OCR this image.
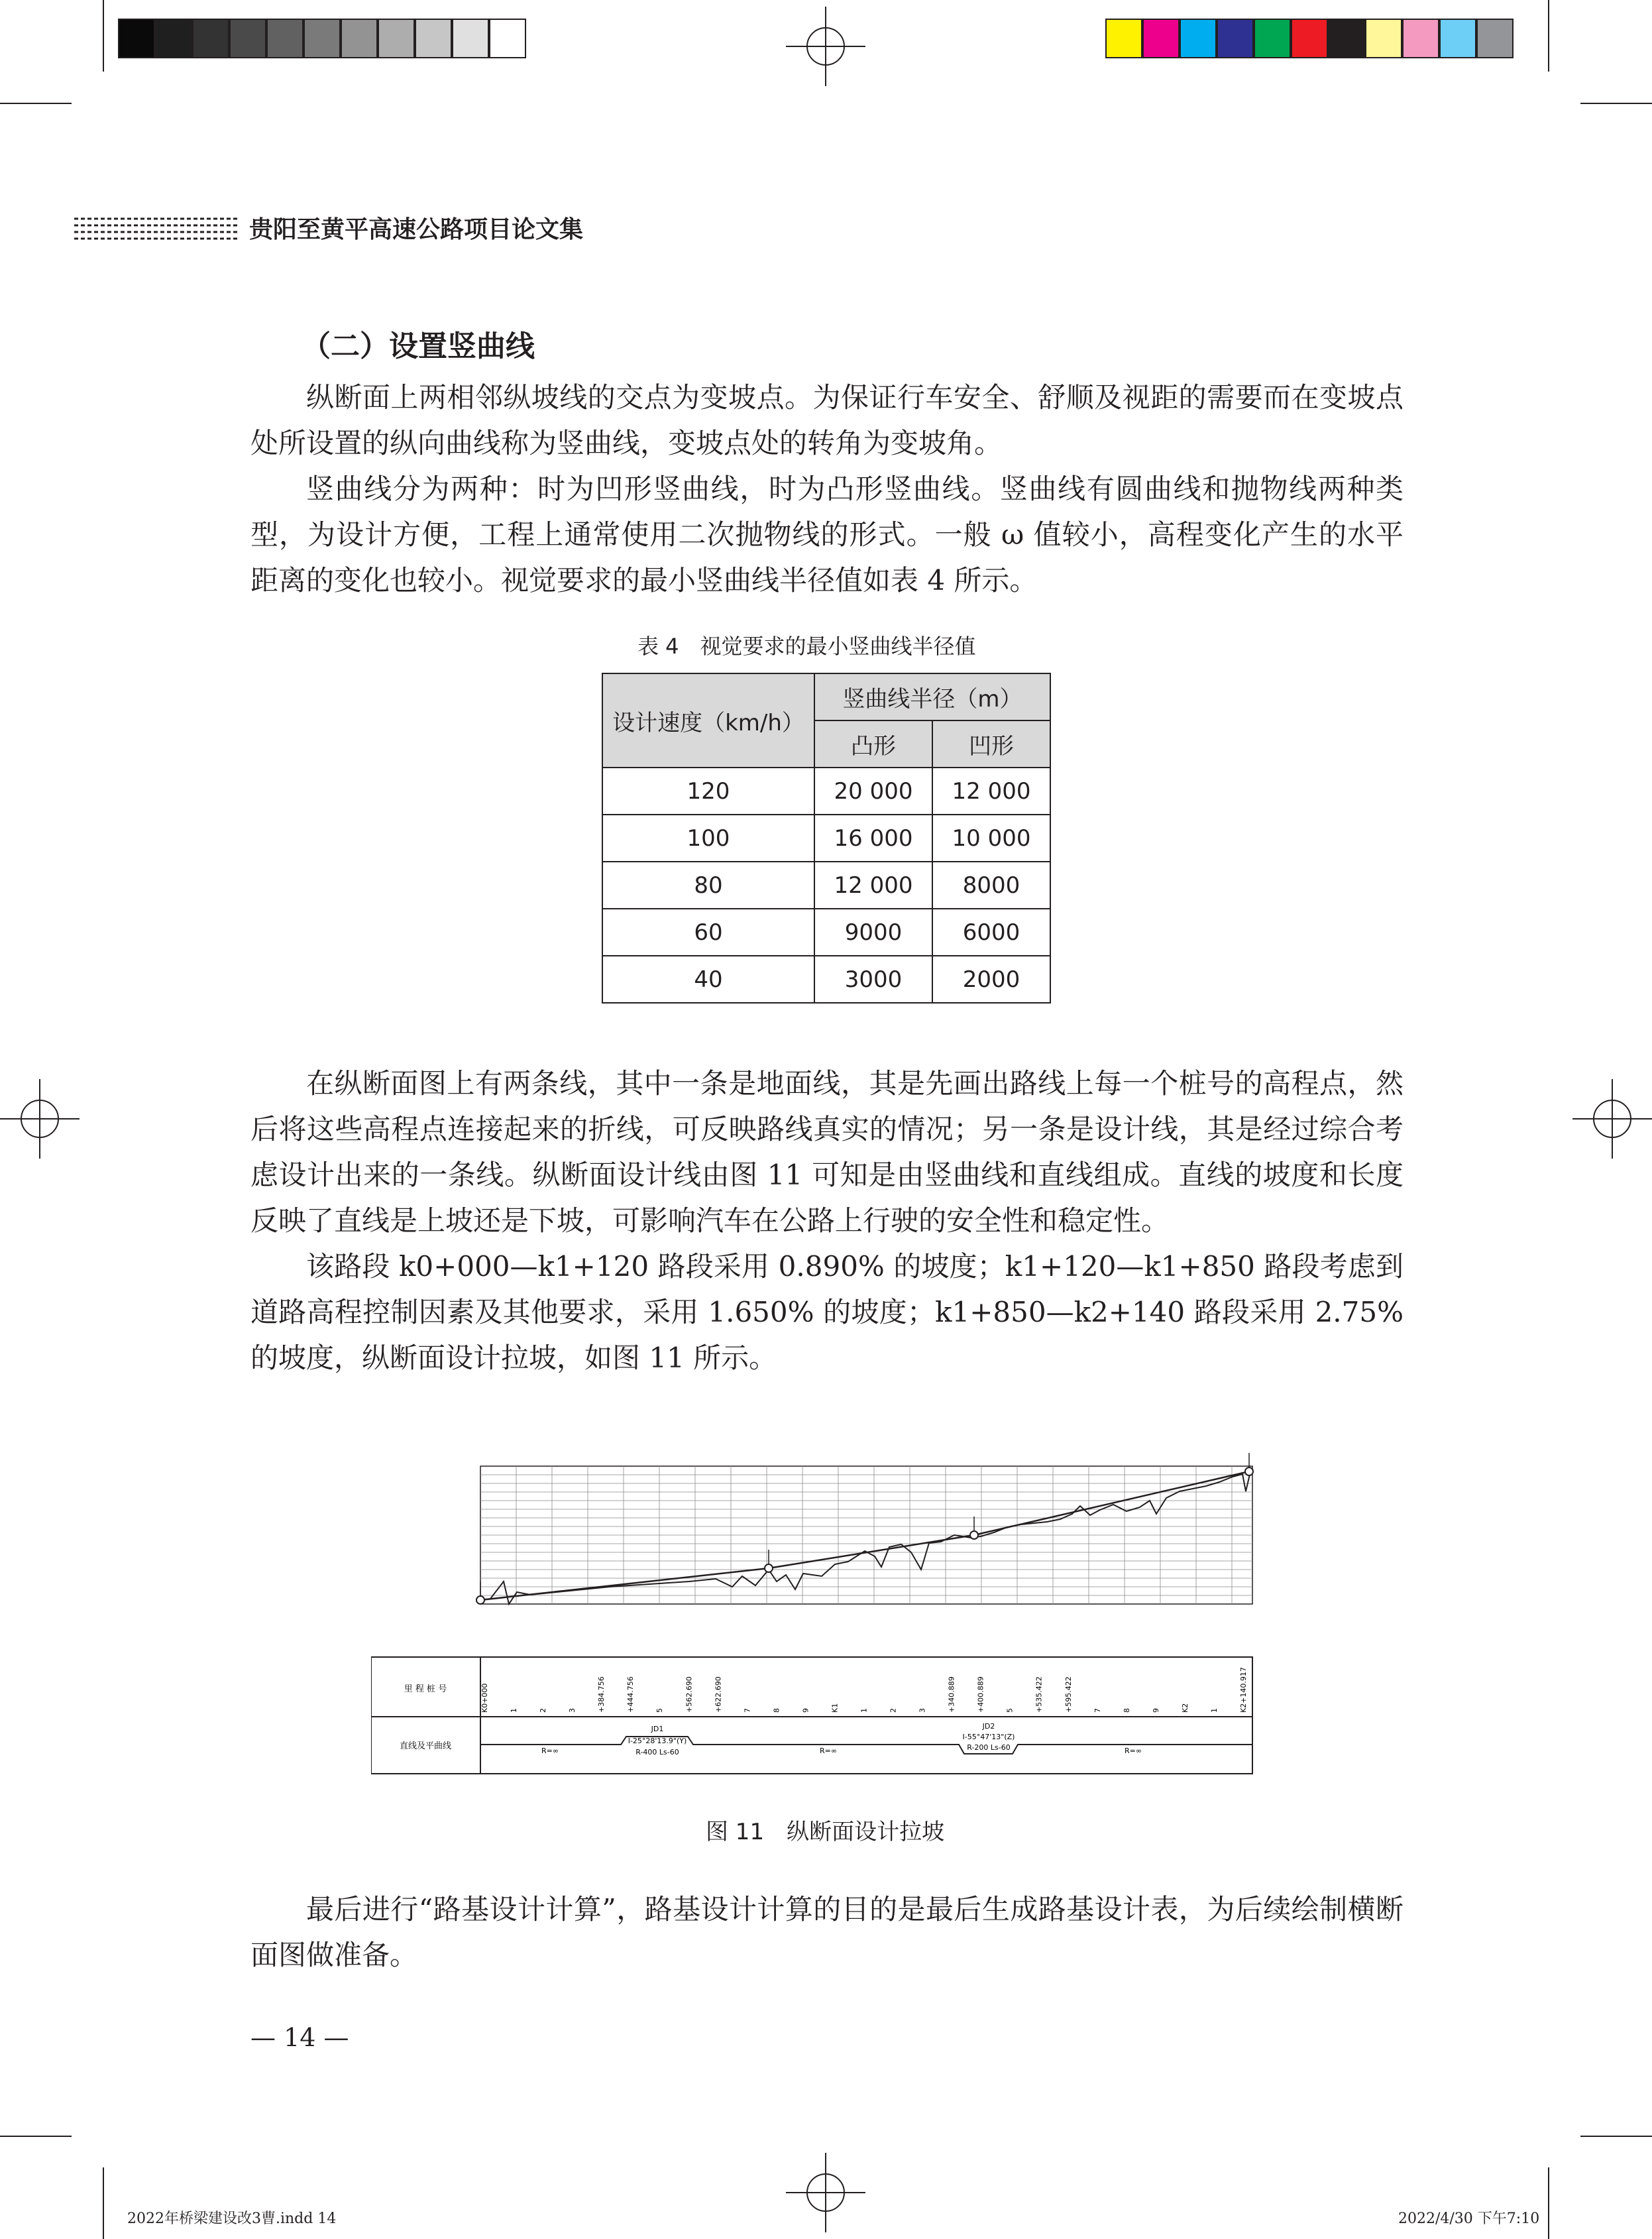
贵阳至黄平高速公路项目论文集
（二）设置竖曲线

纵断面上两相邻纵坡线的交点为变坡点。为保证行车安全、舒顺及视距的需要而在变坡点处所设置的纵向曲线称为竖曲线，变坡点处的转角为变坡角。

竖曲线分为两种：时为凹形竖曲线，时为凸形竖曲线。竖曲线有圆曲线和抛物线两种类型，为设计方便，工程上通常使用二次抛物线的形式。一般 ω 值较小，高程变化产生的水平距离的变化也较小。视觉要求的最小竖曲线半径值如表 4 所示。

表 4　视觉要求的最小竖曲线半径值
设计速度（km/h）	竖曲线半径（m）	
	凸形	凹形
120	20 000	12 000
100	16 000	10 000
80	12 000	8000
60	9000	6000
40	3000	2000

在纵断面图上有两条线，其中一条是地面线，其是先画出路线上每一个桩号的高程点，然后将这些高程点连接起来的折线，可反映路线真实的情况；另一条是设计线，其是经过综合考虑设计出来的一条线。纵断面设计线由图 11 可知是由竖曲线和直线组成。直线的坡度和长度反映了直线是上坡还是下坡，可影响汽车在公路上行驶的安全性和稳定性。

该路段 k0+000—k1+120 路段采用 0.890% 的坡度；k1+120—k1+850 路段考虑到道路高程控制因素及其他要求，采用 1.650% 的坡度；k1+850—k2+140 路段采用 2.75% 的坡度，纵断面设计拉坡，如图 11 所示。

里 程 桩 号
直线及平曲线
K0+000	1	2	3	+384.756	+444.756	5	+562.690	+622.690	7	8	9	K1	1	2	3	+340.889	+400.889	5	+535.422	+595.422	7	8	9	K2	1	K2+140.917
R=∞	R=∞	R=∞
JD1
I-25°28'13.9"(Y)
R-400 Ls-60
JD2
I-55°47'13"(Z)
R-200 Ls-60
图 11　纵断面设计拉坡

最后进行“路基设计计算”，路基设计计算的目的是最后生成路基设计表，为后续绘制横断面图做准备。

— 14 —
2022年桥梁建设改3曹.indd 14	2022/4/30 下午7:10
